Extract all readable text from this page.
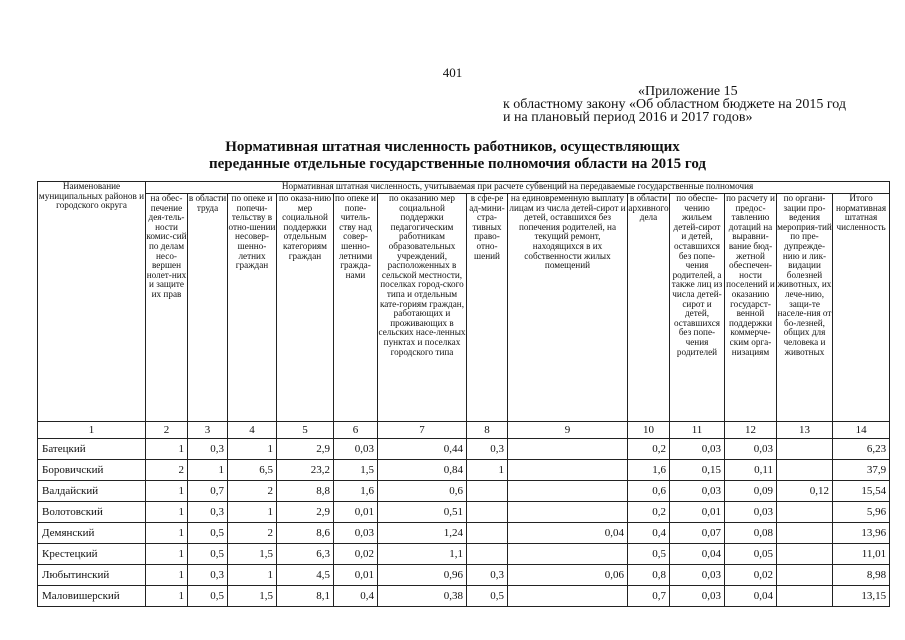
401
«Приложение 15
к областному закону «Об областном бюджете на 2015 год
и на плановый период 2016 и 2017 годов»
Нормативная штатная численность работников, осуществляющих
переданные отдельные государственные полномочия области на 2015 год
Наименование муниципальных районов и городского округа	Нормативная штатная численность, учитываемая при расчете субвенций на передаваемые государственные полномочия												
	на обес-печение дея-тель-ности комис-сий по делам несо-вершен нолет-них и защите их прав	в области труда	по опеке и попечи-тельству в отно-шении несовер-шенно-летних граждан	по оказа-нию мер социальной поддержки отдельным категориям граждан	по опеке и попе-читель-ству над совер-шенно-летними гражда-нами	по оказанию мер социальной поддержки педагогическим работникам образовательных учреждений, расположенных в сельской местности, поселках город-ского типа и отдельным кате-гориям граждан, работающих и проживающих в сельских насе-ленных пунктах и поселках городского типа	в сфе-ре ад-мини-стра-тивных право-отно-шений	на единовременную выплату лицам из числа детей-сирот и детей, оставшихся без попечения родителей, на текущий ремонт, находящихся в их собственности жилых помещений	в области архивного дела	по обеспе-чению жильем детей-сирот и детей, оставшихся без попе-чения родителей, а также лиц из числа детей-сирот и детей, оставшихся без попе-чения родителей	по расчету и предос-тавлению дотаций на выравни-вание бюд-жетной обеспечен-ности поселений и оказанию государст-венной поддержки коммерче-ским орга-низациям	по органи-зации про-ведения мероприя-тий по пре-дупрежде-нию и лик-видации болезней животных, их лече-нию, защи-те населе-ния от бо-лезней, общих для человека и животных	Итого нормативная штатная численность
1	2	3	4	5	6	7	8	9	10	11	12	13	14
Батецкий	1	0,3	1	2,9	0,03	0,44	0,3		0,2	0,03	0,03		6,23
Боровичский	2	1	6,5	23,2	1,5	0,84	1		1,6	0,15	0,11		37,9
Валдайский	1	0,7	2	8,8	1,6	0,6			0,6	0,03	0,09	0,12	15,54
Волотовский	1	0,3	1	2,9	0,01	0,51			0,2	0,01	0,03		5,96
Демянский	1	0,5	2	8,6	0,03	1,24		0,04	0,4	0,07	0,08		13,96
Крестецкий	1	0,5	1,5	6,3	0,02	1,1			0,5	0,04	0,05		11,01
Любытинский	1	0,3	1	4,5	0,01	0,96	0,3	0,06	0,8	0,03	0,02		8,98
Маловишерский	1	0,5	1,5	8,1	0,4	0,38	0,5		0,7	0,03	0,04		13,15
